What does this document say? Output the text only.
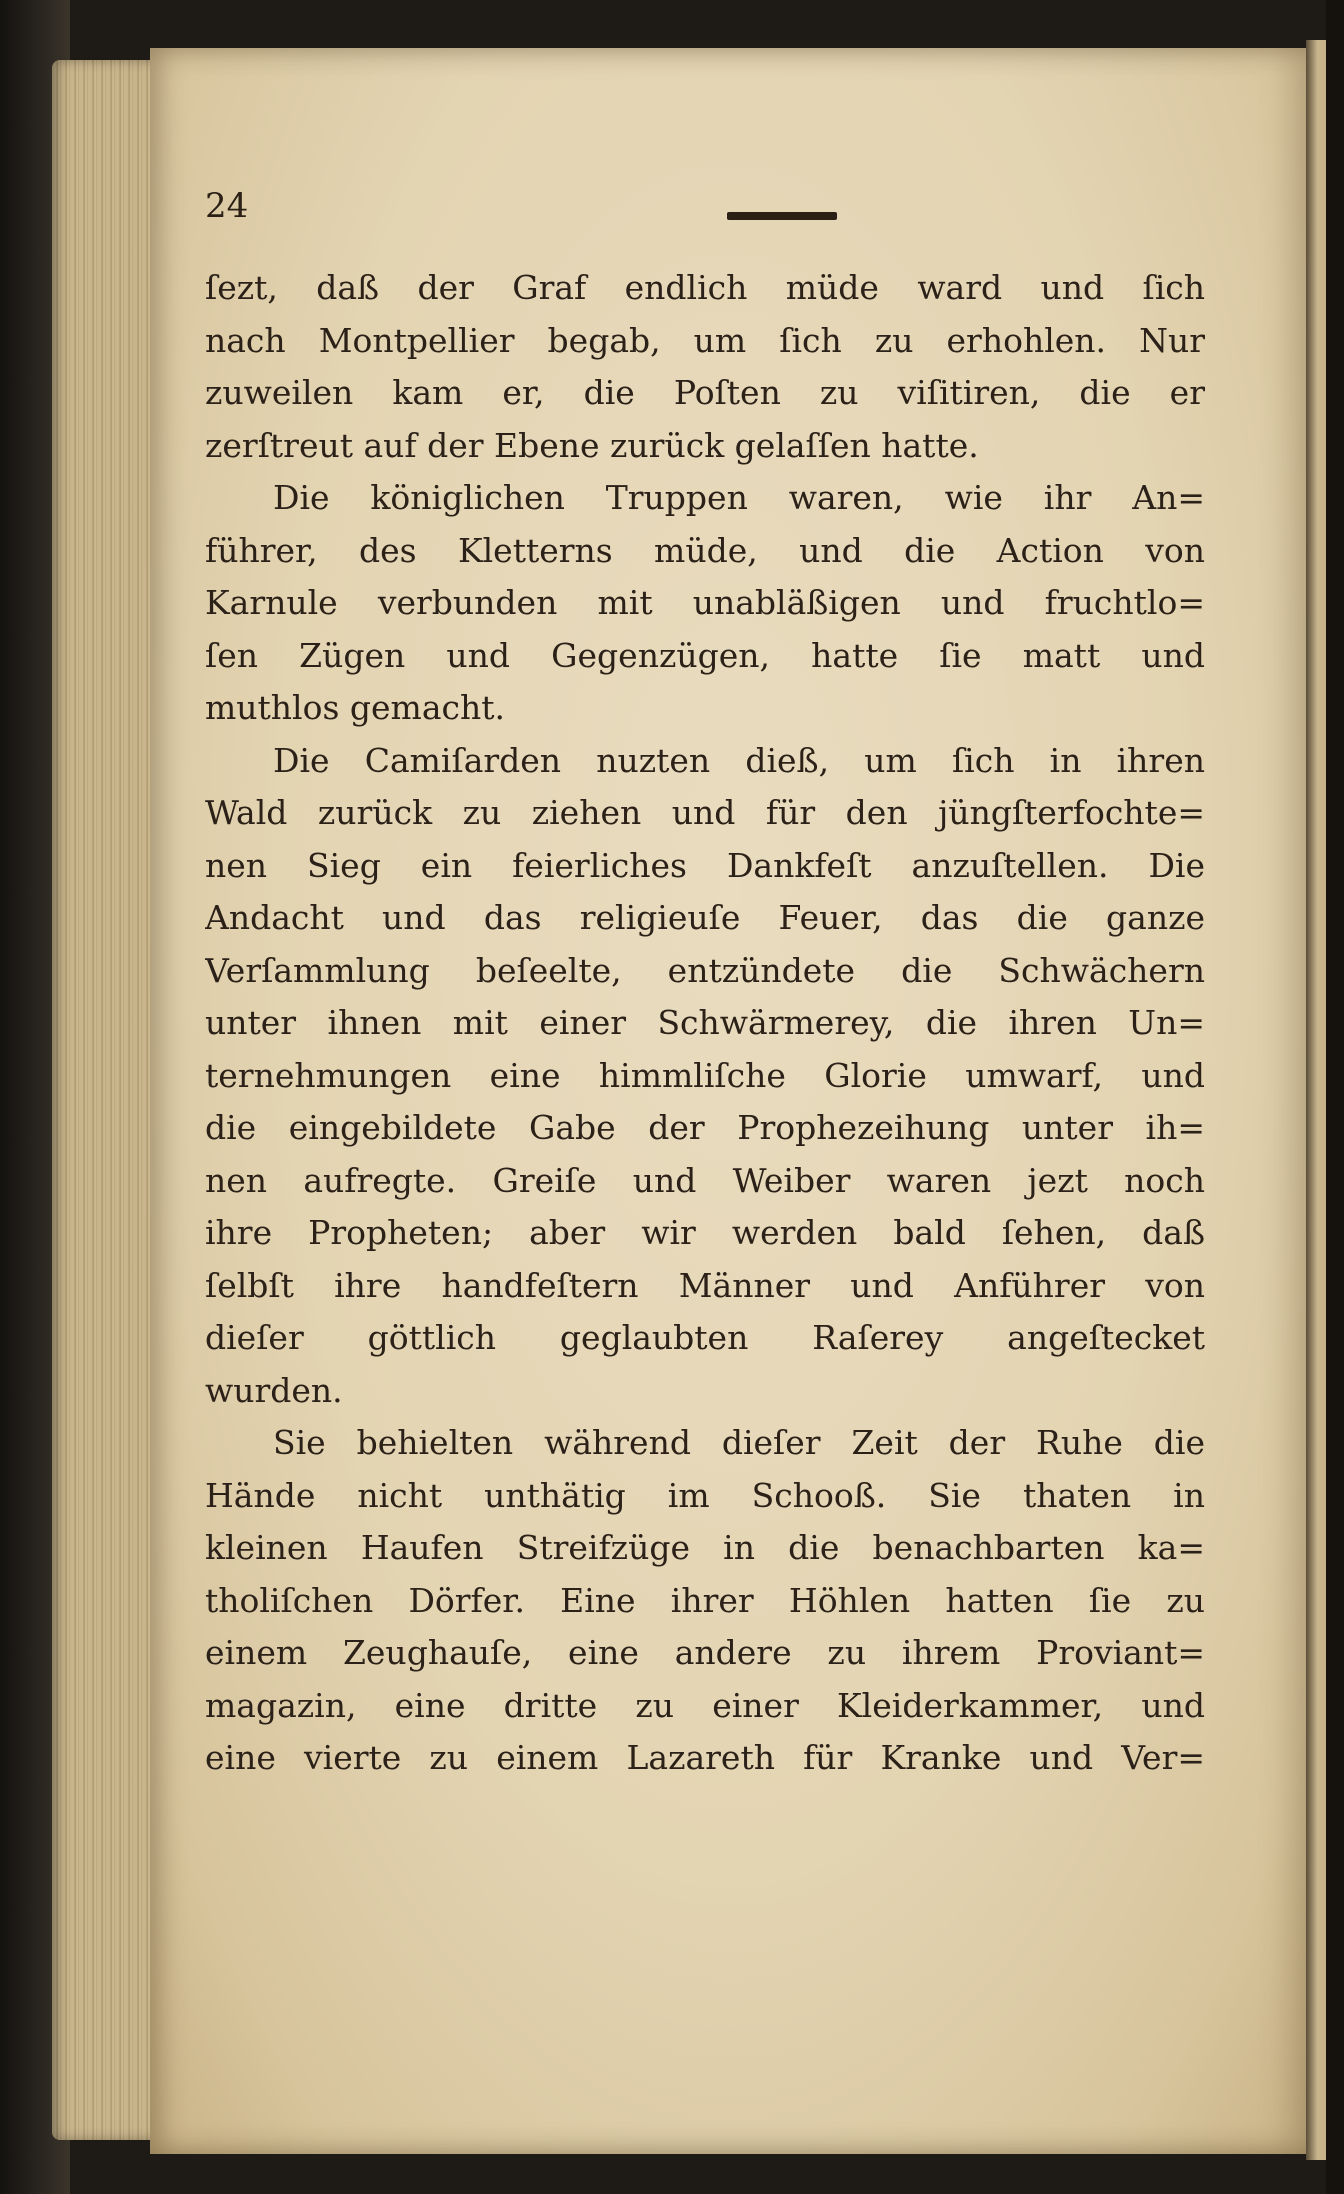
24
ſezt, daß der Graf endlich müde ward und ſich
nach Montpellier begab, um ſich zu erhohlen. Nur
zuweilen kam er, die Poſten zu viſitiren, die er
zerſtreut auf der Ebene zurück gelaſſen hatte.
Die königlichen Truppen waren, wie ihr An=
führer, des Kletterns müde, und die Action von
Karnule verbunden mit unabläßigen und fruchtlo=
ſen Zügen und Gegenzügen, hatte ſie matt und
muthlos gemacht.
Die Camiſarden nuzten dieß, um ſich in ihren
Wald zurück zu ziehen und für den jüngſterfochte=
nen Sieg ein feierliches Dankfeſt anzuſtellen. Die
Andacht und das religieuſe Feuer, das die ganze
Verſammlung beſeelte, entzündete die Schwächern
unter ihnen mit einer Schwärmerey, die ihren Un=
ternehmungen eine himmliſche Glorie umwarf, und
die eingebildete Gabe der Prophezeihung unter ih=
nen aufregte. Greiſe und Weiber waren jezt noch
ihre Propheten; aber wir werden bald ſehen, daß
ſelbſt ihre handfeſtern Männer und Anführer von
dieſer göttlich geglaubten Raſerey angeſtecket
wurden.
Sie behielten während dieſer Zeit der Ruhe die
Hände nicht unthätig im Schooß. Sie thaten in
kleinen Haufen Streifzüge in die benachbarten ka=
tholiſchen Dörfer. Eine ihrer Höhlen hatten ſie zu
einem Zeughauſe, eine andere zu ihrem Proviant=
magazin, eine dritte zu einer Kleiderkammer, und
eine vierte zu einem Lazareth für Kranke und Ver=
